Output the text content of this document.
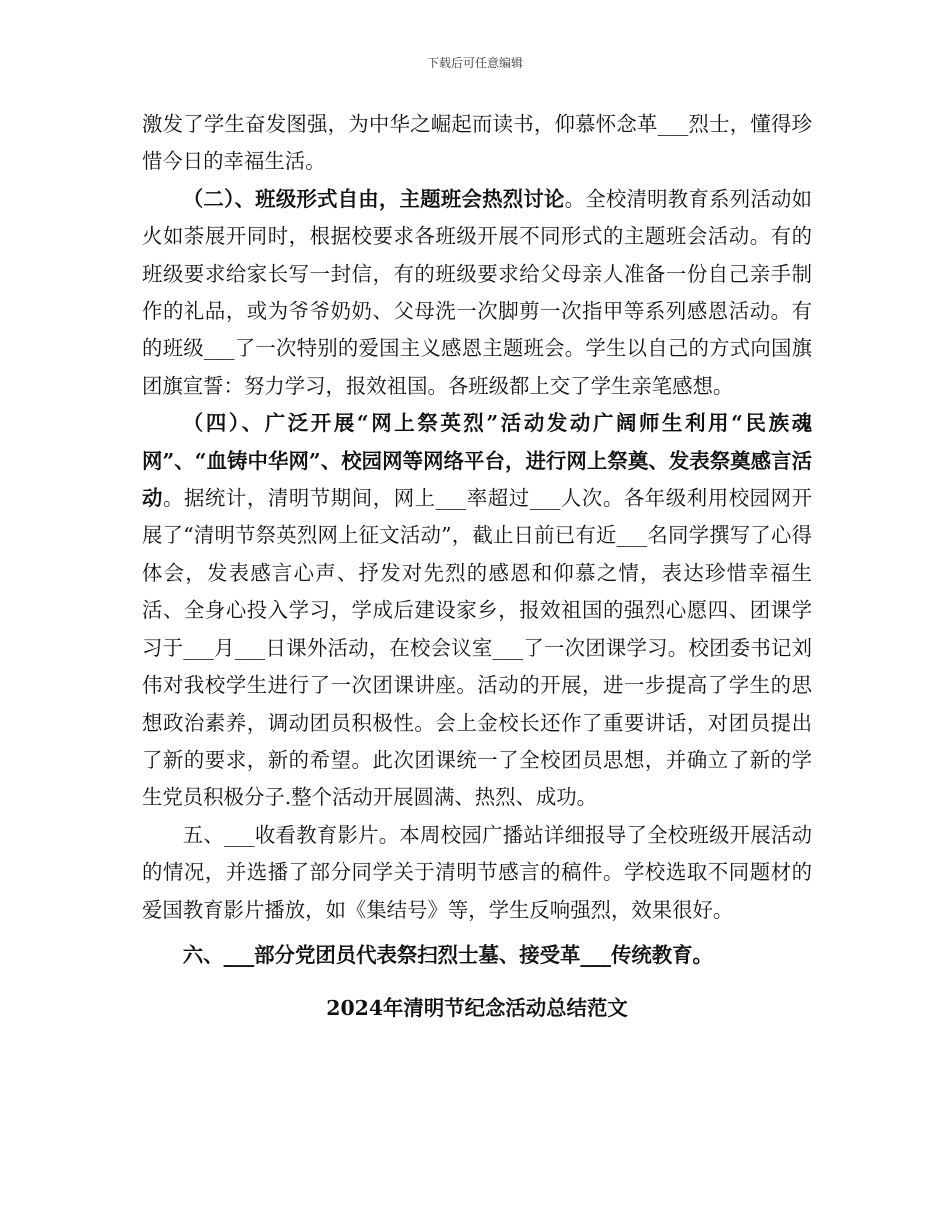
下载后可任意编辑

激发了学生奋发图强，为中华之崛起而读书，仰慕怀念革___烈士，懂得珍惜今日的幸福生活。

（二）、班级形式自由，主题班会热烈讨论。全校清明教育系列活动如火如荼展开同时，根据校要求各班级开展不同形式的主题班会活动。有的班级要求给家长写一封信，有的班级要求给父母亲人准备一份自己亲手制作的礼品，或为爷爷奶奶、父母洗一次脚剪一次指甲等系列感恩活动。有的班级___了一次特别的爱国主义感恩主题班会。学生以自己的方式向国旗团旗宣誓：努力学习，报效祖国。各班级都上交了学生亲笔感想。

（四）、广泛开展“网上祭英烈”活动发动广阔师生利用“民族魂网”、“血铸中华网”、校园网等网络平台，进行网上祭奠、发表祭奠感言活动。据统计，清明节期间，网上___率超过___人次。各年级利用校园网开展了“清明节祭英烈网上征文活动”，截止日前已有近___名同学撰写了心得体会，发表感言心声、抒发对先烈的感恩和仰慕之情，表达珍惜幸福生活、全身心投入学习，学成后建设家乡，报效祖国的强烈心愿四、团课学习于___月___日课外活动，在校会议室___了一次团课学习。校团委书记刘伟对我校学生进行了一次团课讲座。活动的开展，进一步提高了学生的思想政治素养，调动团员积极性。会上金校长还作了重要讲话，对团员提出了新的要求，新的希望。此次团课统一了全校团员思想，并确立了新的学生党员积极分子.整个活动开展圆满、热烈、成功。

五、___收看教育影片。本周校园广播站详细报导了全校班级开展活动的情况，并选播了部分同学关于清明节感言的稿件。学校选取不同题材的爱国教育影片播放，如《集结号》等，学生反响强烈，效果很好。

六、___部分党团员代表祭扫烈士墓、接受革___传统教育。

2024年清明节纪念活动总结范文
